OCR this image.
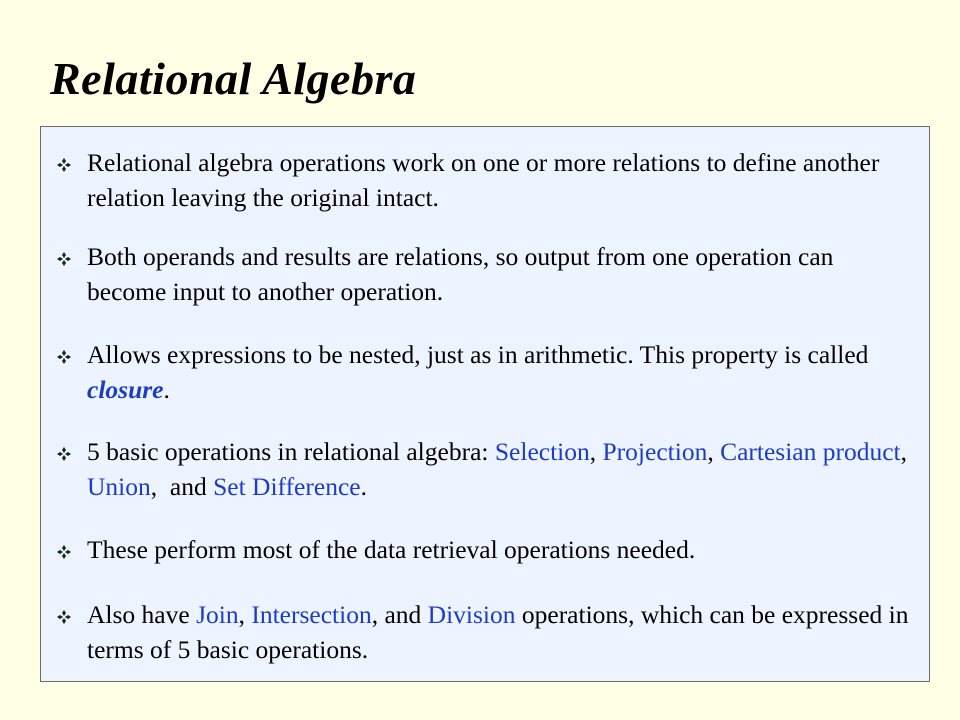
Relational Algebra
Relational algebra operations work on one or more relations to define another relation leaving the original intact.
Both operands and results are relations, so output from one operation can become input to another operation.
Allows expressions to be nested, just as in arithmetic. This property is called closure.
5 basic operations in relational algebra: Selection, Projection, Cartesian product, Union,  and Set Difference.
These perform most of the data retrieval operations needed.
Also have Join, Intersection, and Division operations, which can be expressed in terms of 5 basic operations.
